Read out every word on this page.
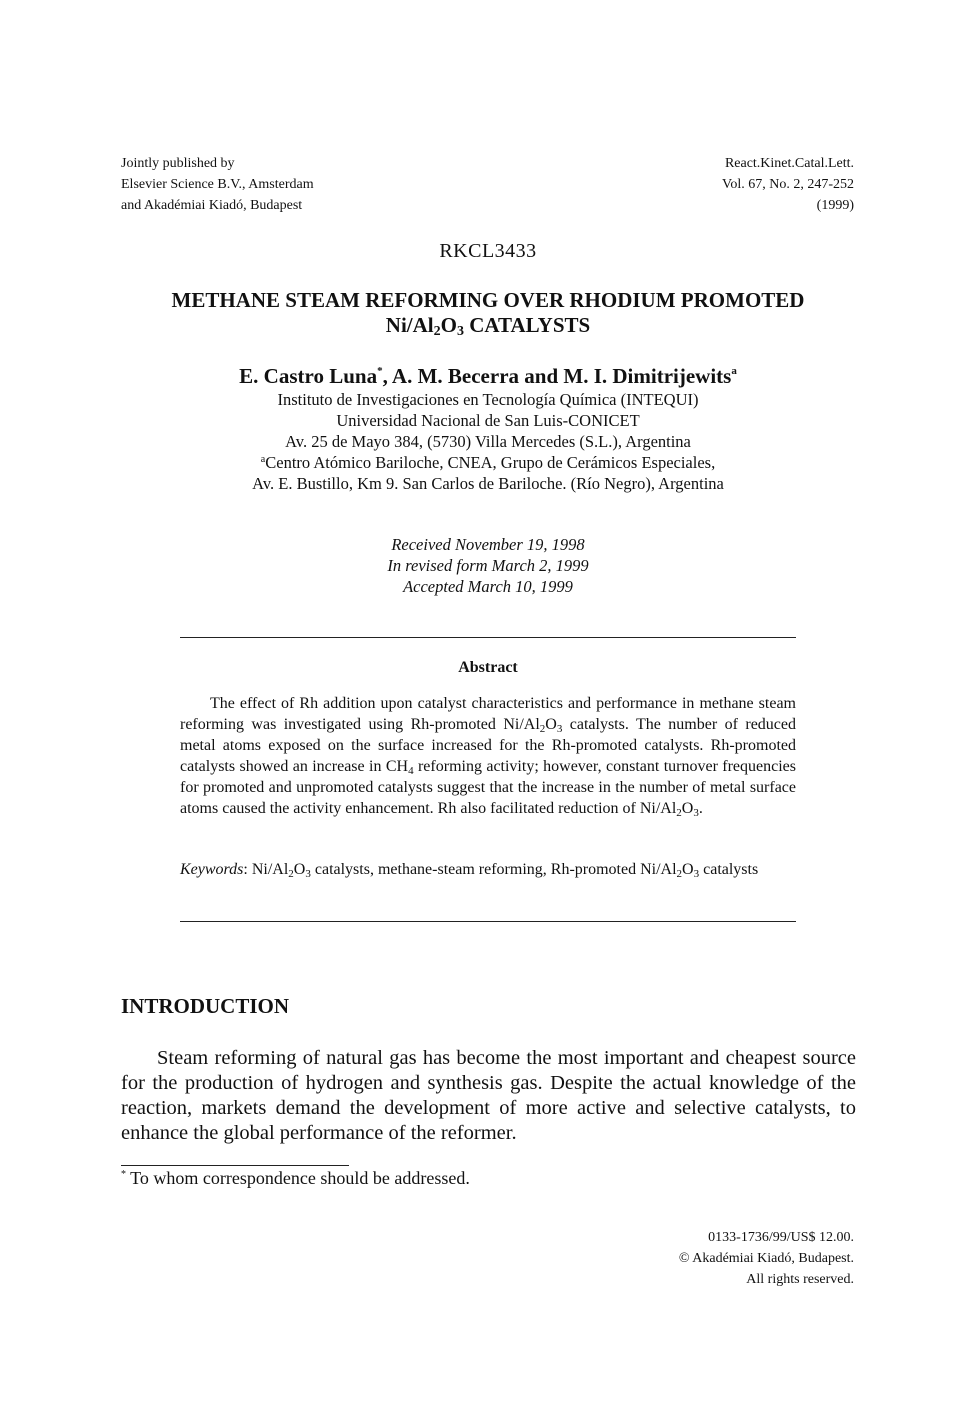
Jointly published by
Elsevier Science B.V., Amsterdam
and Akadémiai Kiadó, Budapest
React.Kinet.Catal.Lett.
Vol. 67, No. 2, 247-252
(1999)
RKCL3433
METHANE STEAM REFORMING OVER RHODIUM PROMOTED
$Ni/Al_2O_3$ CATALYSTS
E. Castro Luna*, A. M. Becerra and M. I. Dimitrijewits$^a$
Instituto de Investigaciones en Tecnología Química (INTEQUI)
Universidad Nacional de San Luis-CONICET
Av. 25 de Mayo 384, (5730) Villa Mercedes (S.L.), Argentina
$^a$Centro Atómico Bariloche, CNEA, Grupo de Cerámicos Especiales,
Av. E. Bustillo, Km 9. San Carlos de Bariloche. (Río Negro), Argentina
Received November 19, 1998
In revised form March 2, 1999
Accepted March 10, 1999
Abstract
The effect of Rh addition upon catalyst characteristics and performance in methane steam reforming was investigated using Rh-promoted $Ni/Al_2O_3$ catalysts. The number of reduced metal atoms exposed on the surface increased for the Rh-promoted catalysts. Rh-promoted catalysts showed an increase in $CH_4$ reforming activity; however, constant turnover frequencies for promoted and unpromoted catalysts suggest that the increase in the number of metal surface atoms caused the activity enhancement. Rh also facilitated reduction of $Ni/Al_2O_3$.
Keywords: $Ni/Al_2O_3$ catalysts, methane-steam reforming, Rh-promoted $Ni/Al_2O_3$ catalysts
INTRODUCTION
Steam reforming of natural gas has become the most important and cheapest source for the production of hydrogen and synthesis gas. Despite the actual knowledge of the reaction, markets demand the development of more active and selective catalysts, to enhance the global performance of the reformer.
* To whom correspondence should be addressed.
0133-1736/99/US$ 12.00.
© Akadémiai Kiadó, Budapest.
All rights reserved.
